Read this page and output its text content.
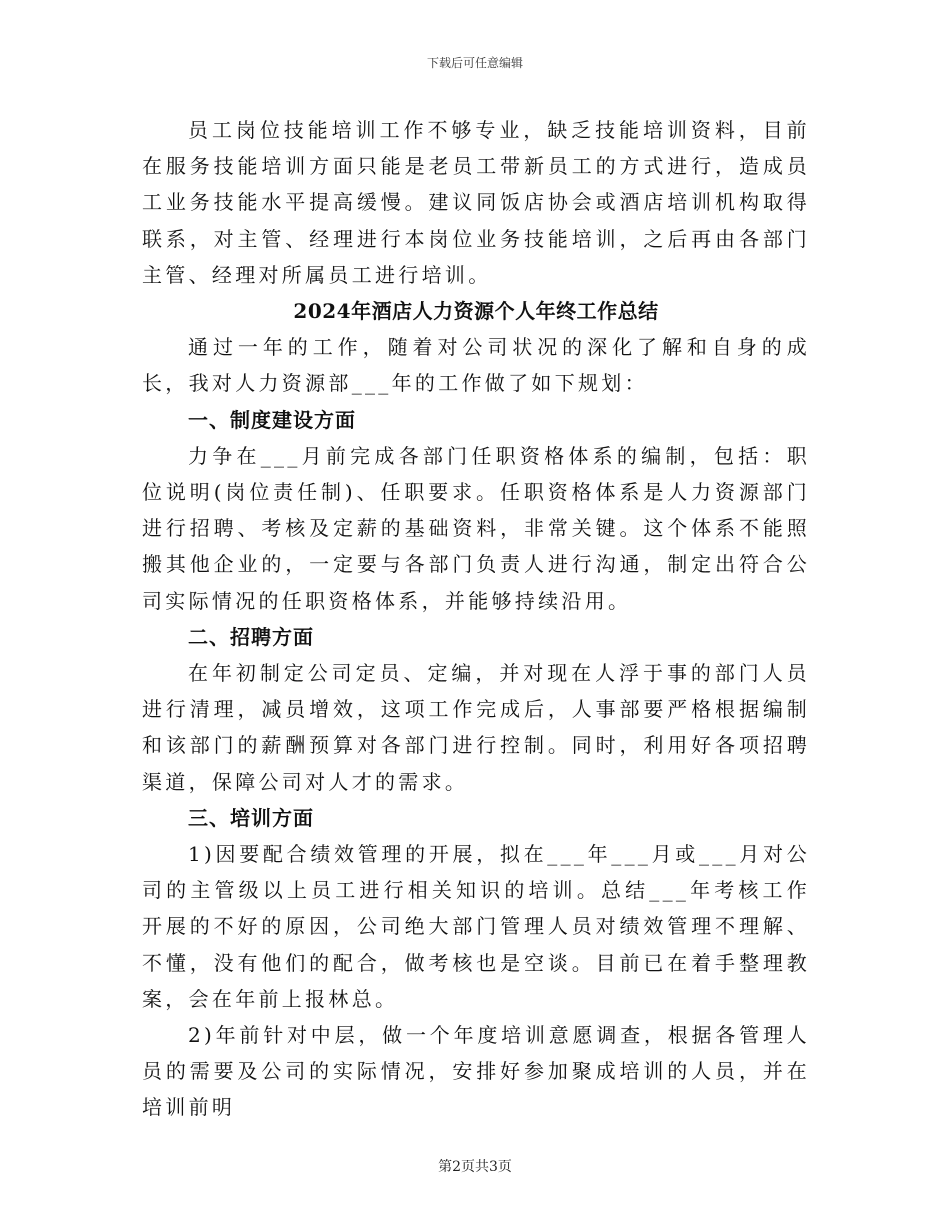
下载后可任意编辑

员工岗位技能培训工作不够专业，缺乏技能培训资料，目前在服务技能培训方面只能是老员工带新员工的方式进行，造成员工业务技能水平提高缓慢。建议同饭店协会或酒店培训机构取得联系，对主管、经理进行本岗位业务技能培训，之后再由各部门主管、经理对所属员工进行培训。

2024年酒店人力资源个人年终工作总结

通过一年的工作，随着对公司状况的深化了解和自身的成长，我对人力资源部___年的工作做了如下规划：

一、制度建设方面

力争在___月前完成各部门任职资格体系的编制，包括：职位说明(岗位责任制)、任职要求。任职资格体系是人力资源部门进行招聘、考核及定薪的基础资料，非常关键。这个体系不能照搬其他企业的，一定要与各部门负责人进行沟通，制定出符合公司实际情况的任职资格体系，并能够持续沿用。

二、招聘方面

在年初制定公司定员、定编，并对现在人浮于事的部门人员进行清理，减员增效，这项工作完成后，人事部要严格根据编制和该部门的薪酬预算对各部门进行控制。同时，利用好各项招聘渠道，保障公司对人才的需求。

三、培训方面

1)因要配合绩效管理的开展，拟在___年___月或___月对公司的主管级以上员工进行相关知识的培训。总结___年考核工作开展的不好的原因，公司绝大部门管理人员对绩效管理不理解、不懂，没有他们的配合，做考核也是空谈。目前已在着手整理教案，会在年前上报林总。

2)年前针对中层，做一个年度培训意愿调查，根据各管理人员的需要及公司的实际情况，安排好参加聚成培训的人员，并在培训前明

第2页共3页
